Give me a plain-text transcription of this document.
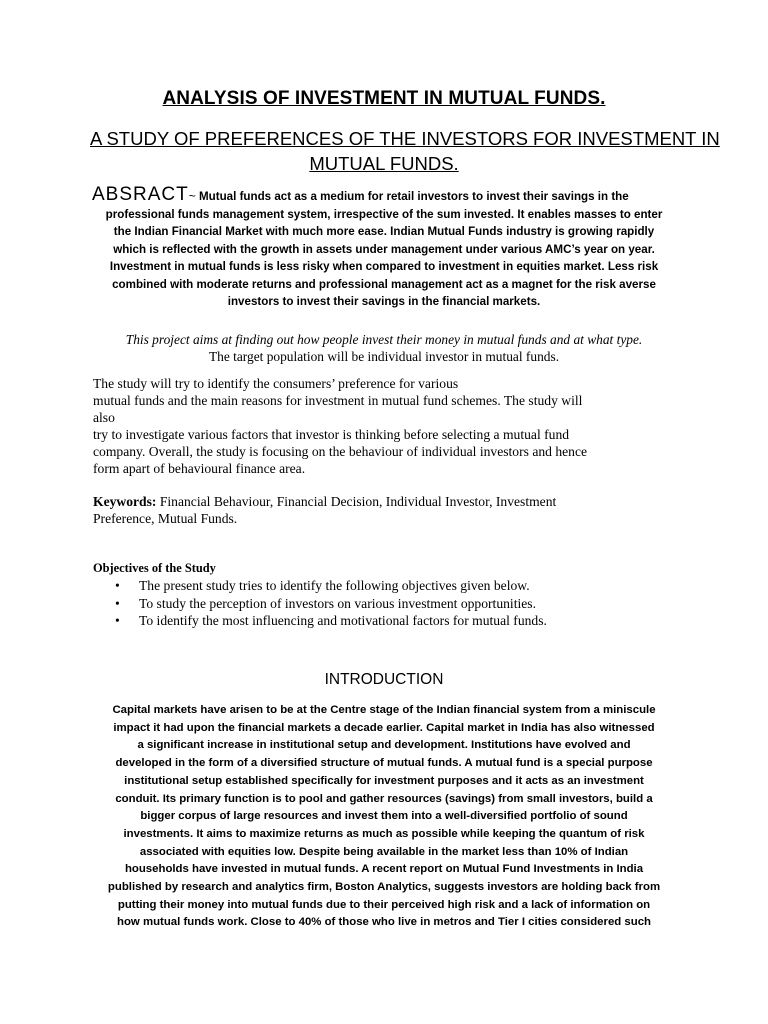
ANALYSIS OF INVESTMENT IN MUTUAL FUNDS.
A STUDY OF PREFERENCES OF THE INVESTORS FOR INVESTMENT IN
MUTUAL FUNDS.
ABSRACT~ Mutual funds act as a medium for retail investors to invest their savings in the
professional funds management system, irrespective of the sum invested. It enables masses to enter
the Indian Financial Market with much more ease. Indian Mutual Funds industry is growing rapidly
which is reflected with the growth in assets under management under various AMC’s year on year.
Investment in mutual funds is less risky when compared to investment in equities market. Less risk
combined with moderate returns and professional management act as a magnet for the risk averse
investors to invest their savings in the financial markets.
This project aims at finding out how people invest their money in mutual funds and at what type.
The target population will be individual investor in mutual funds.
The study will try to identify the consumers’ preference for various
mutual funds and the main reasons for investment in mutual fund schemes. The study will
also
try to investigate various factors that investor is thinking before selecting a mutual fund
company. Overall, the study is focusing on the behaviour of individual investors and hence
form apart of behavioural finance area.
Keywords: Financial Behaviour, Financial Decision, Individual Investor, Investment
Preference, Mutual Funds.
Objectives of the Study
• The present study tries to identify the following objectives given below.
• To study the perception of investors on various investment opportunities.
• To identify the most influencing and motivational factors for mutual funds.
INTRODUCTION
Capital markets have arisen to be at the Centre stage of the Indian financial system from a miniscule
impact it had upon the financial markets a decade earlier. Capital market in India has also witnessed
a significant increase in institutional setup and development. Institutions have evolved and
developed in the form of a diversified structure of mutual funds. A mutual fund is a special purpose
institutional setup established specifically for investment purposes and it acts as an investment
conduit. Its primary function is to pool and gather resources (savings) from small investors, build a
bigger corpus of large resources and invest them into a well-diversified portfolio of sound
investments. It aims to maximize returns as much as possible while keeping the quantum of risk
associated with equities low. Despite being available in the market less than 10% of Indian
households have invested in mutual funds. A recent report on Mutual Fund Investments in India
published by research and analytics firm, Boston Analytics, suggests investors are holding back from
putting their money into mutual funds due to their perceived high risk and a lack of information on
how mutual funds work. Close to 40% of those who live in metros and Tier I cities considered such
